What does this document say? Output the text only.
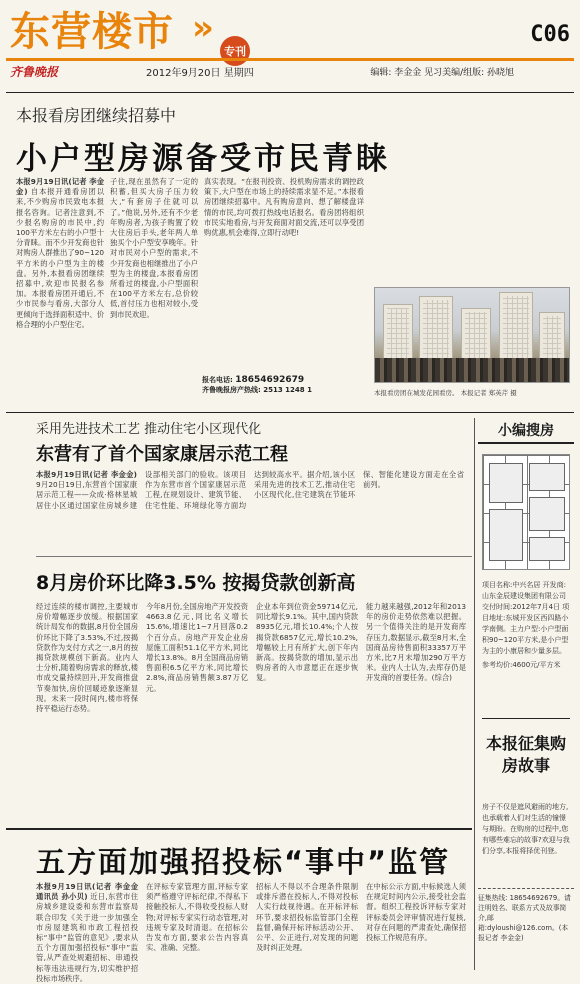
东营楼市 »
专刊
C06
齐鲁晚报	2012年9月20日 星期四	编辑: 李金金 见习美编/组版: 孙晓旭
本报看房团继续招募中
小户型房源备受市民青睐
本报9月19日讯(记者 李金金) 自本报开通看房团以来,不少购房市民致电本报报名咨询。记者注意到,不少报名购房的市民中,约100平方米左右的小户型十分青睐。而不少开发商也针对购房人群推出了90~120平方米的小户型为主的楼盘。另外,本报看房团继续招募中,欢迎市民报名参加。本报看房团开通后,不少市民参与看房,大部分人更倾向于选择面积适中、价格合理的小户型住宅。
子住,现在虽然有了一定的积蓄,但买大房子压力较大,“有套房子住就可以了。”他说,另外,还有不少老年购房者,为孩子购置了较大住房后手头,老年两人单独买个小户型安享晚年。针对市民对小户型的需求,不少开发商也相继推出了小户型为主的楼盘,本报看房团所看过的楼盘,小户型面积在100平方米左右,总价较低,首付压力也相对较小,受到市民欢迎。
真实表现。“在报刊投资、投机购房需求的调控政策下,大户型在市场上的持续需求显不足。”本报看房团继续招募中。凡有购房意向、想了解楼盘详情的市民,均可拨打热线电话报名。看房团将组织市民实地看房,与开发商面对面交流,还可以享受团购优惠,机会难得,立即行动吧!
报名电话: 18654692679
齐鲁晚报房产热线: 2513 1248 1	本报看房团在城发花园看房。 本报记者 郑英芹 摄
采用先进技术工艺 推动住宅小区现代化
东营有了首个国家康居示范工程
本报9月19日讯(记者 李金金) 9月20日19日,东营首个国家康居示范工程——众成·格林星城居住小区通过国家住房城乡建设部相关部门的验收。该项目作为东营市首个国家康居示范工程,在规划设计、建筑节能、住宅性能、环境绿化等方面均达到较高水平。据介绍,该小区采用先进的技术工艺,推动住宅小区现代化,住宅建筑在节能环保、智能化建设方面走在全省前列。
8月房价环比降3.5% 按揭贷款创新高
经过连续的楼市调控,主要城市房价增幅逐步放缓。根据国家统计局发布的数据,8月份全国房价环比下降了3.53%,不过,按揭贷款作为支付方式之一,8月的按揭贷款规模创下新高。业内人士分析,随着购房需求的释放,楼市成交量持续回升,开发商推盘节奏加快,房价回暖迹象逐渐显现。未来一段时间内,楼市将保持平稳运行态势。
今年8月份,全国房地产开发投资4663.8亿元,同比名义增长15.6%,增速比1~7月回落0.2个百分点。房地产开发企业房屋施工面积51.1亿平方米,同比增长13.8%。8月全国商品房销售面积6.5亿平方米,同比增长2.8%,商品房销售额3.87万亿元。
企业本年到位资金59714亿元,同比增长9.1%。其中,国内贷款8935亿元,增长10.4%;个人按揭贷款6857亿元,增长10.2%,增幅较上月有所扩大,创下年内新高。按揭贷款的增加,显示出购房者的入市意愿正在逐步恢复。
能力越来越强,2012年和2013年的房价走势依然难以把握。另一个值得关注的是开发商库存压力,数据显示,截至8月末,全国商品房待售面积33357万平方米,比7月末增加290万平方米。业内人士认为,去库存仍是开发商的首要任务。(综合)
五方面加强招投标“事中”监管
本报9月19日讯(记者 李金金 通讯员 孙小贝) 近日,东营市住房城乡建设委和东营市监察局联合印发《关于进一步加强全市房屋建筑和市政工程招投标“事中”监管的意见》,要求从五个方面加强招投标“事中”监管,从严查处规避招标、串通投标等违法违规行为,切实维护招投标市场秩序。
在评标专家管理方面,评标专家须严格遵守评标纪律,不得私下接触投标人,不得收受投标人财物;对评标专家实行动态管理,对违规专家及时清退。在招标公告发布方面,要求公告内容真实、准确、完整。
招标人不得以不合理条件限制或排斥潜在投标人,不得对投标人实行歧视待遇。在开标评标环节,要求招投标监管部门全程监督,确保开标评标活动公开、公平、公正进行,对发现的问题及时纠正处理。
在中标公示方面,中标候选人须在规定时间内公示,接受社会监督。组织工程投诉评标专家对评标委员会评审情况进行复核,对存在问题的严肃查处,确保招投标工作规范有序。
小编搜房
项目名称:中兴名居 开发商:山东金辰建设集团有限公司 交付时间:2012年7月4日 项目地址:东城开发区西四路小学南侧。主力户型:小户型面积90~120平方米,是小户型为主的小康居和少量多层。
参考均价:4600元/平方米
本报征集购房故事
房子不仅是遮风避雨的地方,也承载着人们对生活的憧憬与期盼。在购房的过程中,您有哪些难忘的故事?欢迎与我们分享,本报将择优刊登。
征集热线: 18654692679。请注明姓名、联系方式及故事简介,邮箱:dyloushi@126.com。(本报记者 李金金)
